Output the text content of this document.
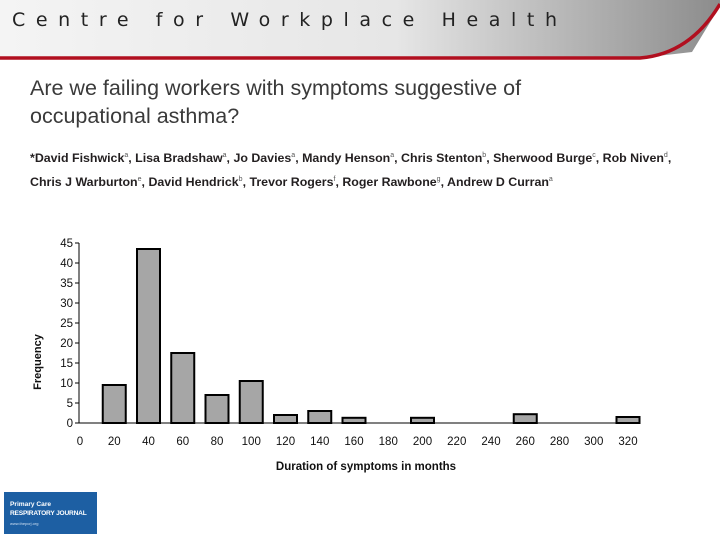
Centre for Workplace Health
Are we failing workers with symptoms suggestive of
occupational asthma?
*David Fishwick$^a$, Lisa Bradshaw$^a$, Jo Davies$^a$, Mandy Henson$^a$, Chris Stenton$^b$, Sherwood Burge$^c$, Rob Niven$^d$, Chris J Warburton$^e$, David Hendrick$^b$, Trevor Rogers$^f$, Roger Rawbone$^g$, Andrew D Curran$^a$
0
5
10
15
20
25
30
35
40
45
0 20 40 60 80 100 120 140 160 180 200 220 240 260 280 300 320
Frequency
Duration of symptoms in months
Primary Care
RESPIRATORY JOURNAL
www.thepcrj.org
